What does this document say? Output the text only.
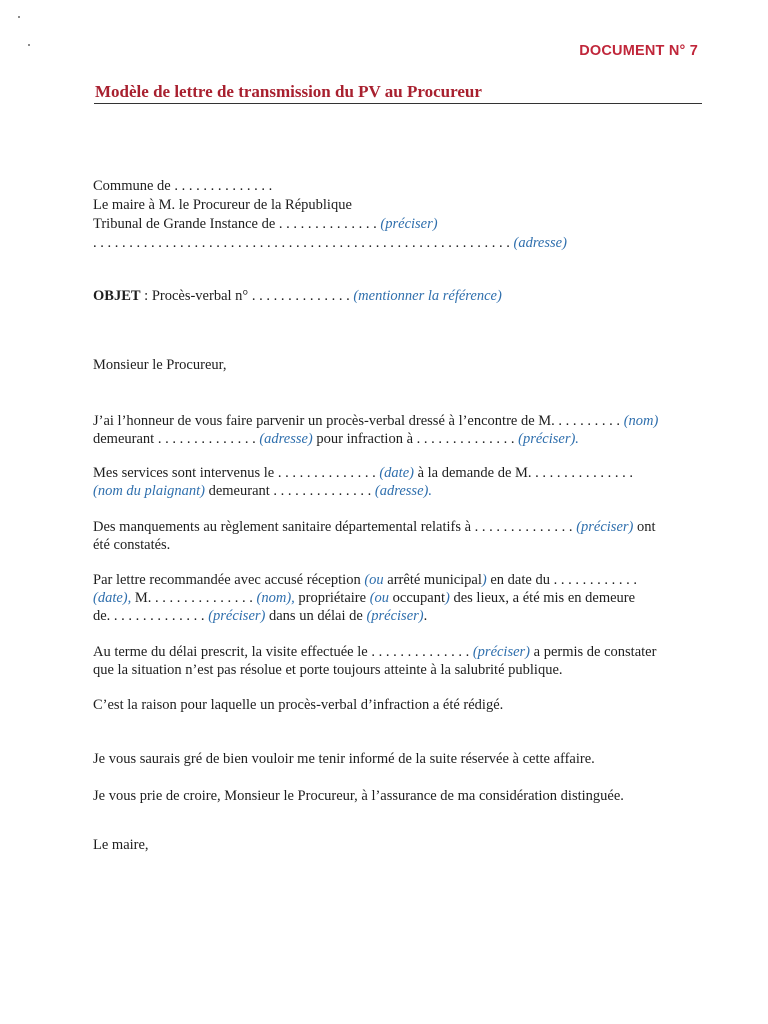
DOCUMENT N° 7
Modèle de lettre de transmission du PV au Procureur
Commune de . . . . . . . . . . . . . .
Le maire à M. le Procureur de la République
Tribunal de Grande Instance de . . . . . . . . . . . . . . (préciser)
. . . . . . . . . . . . . . . . . . . . . . . . . . . . . . . . . . . . . . . . . . . . . . . . . . . . . . . . . . (adresse)
OBJET : Procès-verbal n° . . . . . . . . . . . . . . (mentionner la référence)
Monsieur le Procureur,
J’ai l’honneur de vous faire parvenir un procès-verbal dressé à l’encontre de M. . . . . . . . . . (nom)
demeurant . . . . . . . . . . . . . . (adresse) pour infraction à . . . . . . . . . . . . . . (préciser).
Mes services sont intervenus le . . . . . . . . . . . . . . (date) à la demande de M. . . . . . . . . . . . . . .
(nom du plaignant) demeurant . . . . . . . . . . . . . . (adresse).
Des manquements au règlement sanitaire départemental relatifs à . . . . . . . . . . . . . . (préciser) ont
été constatés.
Par lettre recommandée avec accusé réception (ou arrêté municipal) en date du . . . . . . . . . . . .
(date), M. . . . . . . . . . . . . . . (nom), propriétaire (ou occupant) des lieux, a été mis en demeure
de. . . . . . . . . . . . . . (préciser) dans un délai de (préciser).
Au terme du délai prescrit, la visite effectuée le . . . . . . . . . . . . . . (préciser) a permis de constater
que la situation n’est pas résolue et porte toujours atteinte à la salubrité publique.
C’est la raison pour laquelle un procès-verbal d’infraction a été rédigé.
Je vous saurais gré de bien vouloir me tenir informé de la suite réservée à cette affaire.
Je vous prie de croire, Monsieur le Procureur, à l’assurance de ma considération distinguée.
Le maire,
